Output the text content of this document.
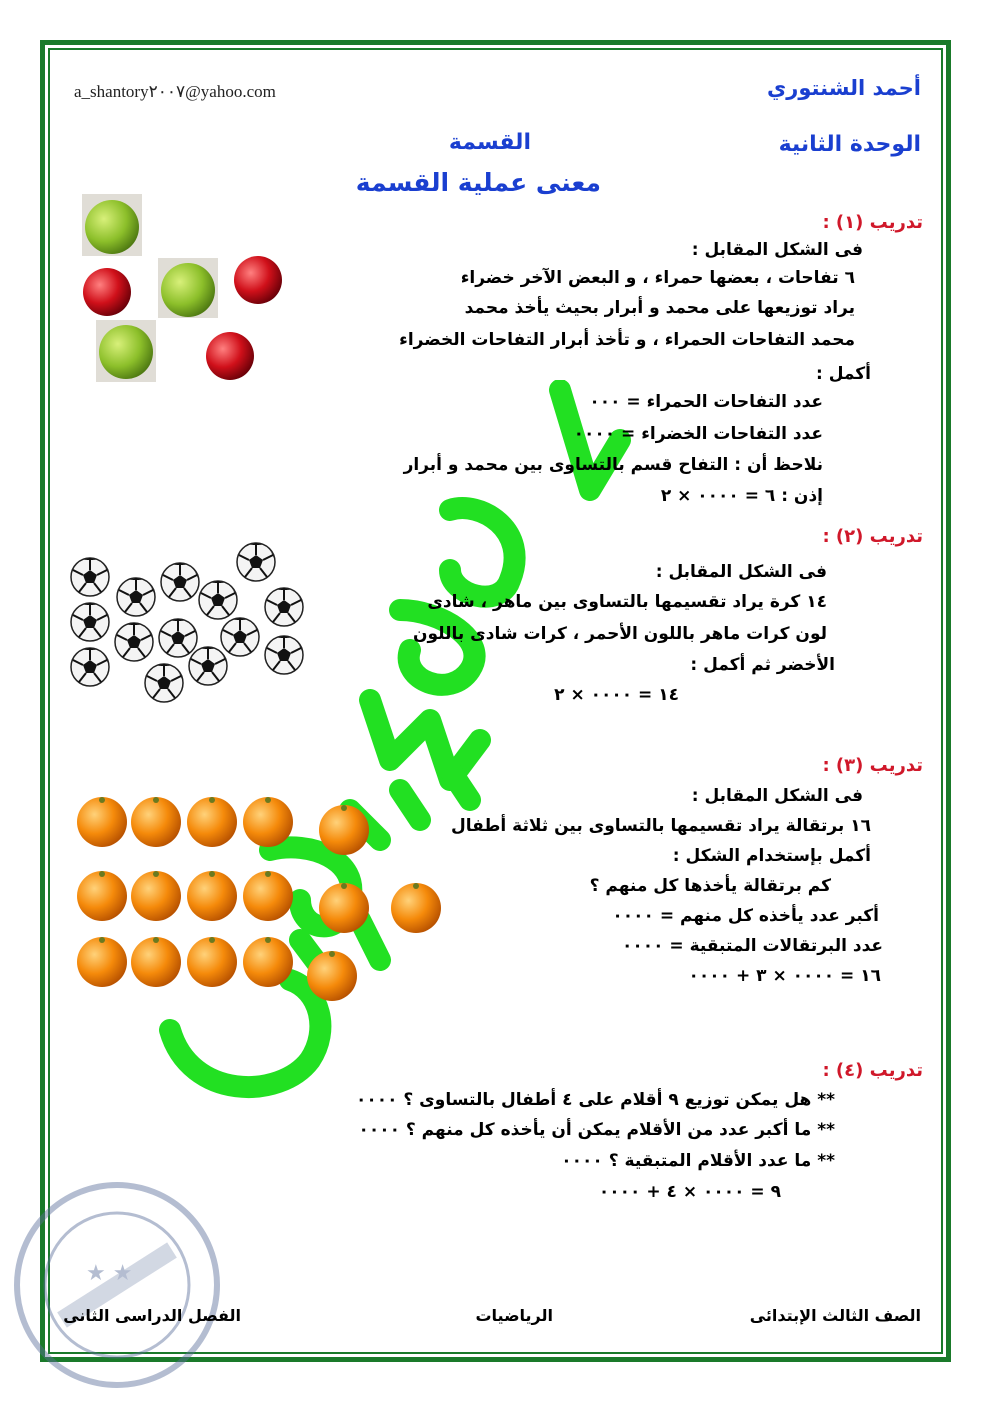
أحمد الشنتوري
a_shantory٢٠٠٧@yahoo.com
الوحدة الثانية
القسمة
معنى عملية القسمة
تدريب (١) :
فى الشكل المقابل :
٦ تفاحات ، بعضها حمراء ، و البعض الآخر خضراء
يراد توزيعها على محمد و أبرار بحيث يأخذ محمد
محمد التفاحات الحمراء ، و تأخذ أبرار التفاحات الخضراء
أكمل :
عدد التفاحات الحمراء = ٠٠٠
عدد التفاحات الخضراء = ٠٠٠٠
نلاحظ أن : التفاح قسم بالتساوى بين محمد و أبرار
إذن : ٦ = ٠٠٠٠ × ٢
تدريب (٢) :
فى الشكل المقابل :
١٤ كرة يراد تقسيمها بالتساوى بين ماهر ، شادى
لون كرات ماهر باللون الأحمر ، كرات شادى باللون
الأخضر ثم أكمل :
١٤ = ٠٠٠٠ × ٢
تدريب (٣) :
فى الشكل المقابل :
١٦ برتقالة يراد تقسيمها بالتساوى بين ثلاثة أطفال
أكمل بإستخدام الشكل :
كم برتقالة يأخذها كل منهم ؟
أكبر عدد يأخذه كل منهم = ٠٠٠٠
عدد البرتقالات المتبقية = ٠٠٠٠
١٦ = ٠٠٠٠ × ٣ + ٠٠٠٠
تدريب (٤) :
** هل يمكن توزيع ٩ أقلام على ٤ أطفال بالتساوى ؟ ٠٠٠٠
** ما أكبر عدد من الأقلام يمكن أن يأخذه كل منهم ؟ ٠٠٠٠
** ما عدد الأقلام المتبقية ؟ ٠٠٠٠
٩ = ٠٠٠٠ × ٤ + ٠٠٠٠
★ ★
الصف الثالث الإبتدائى
الرياضيات
الفصل الدراسى الثانى
